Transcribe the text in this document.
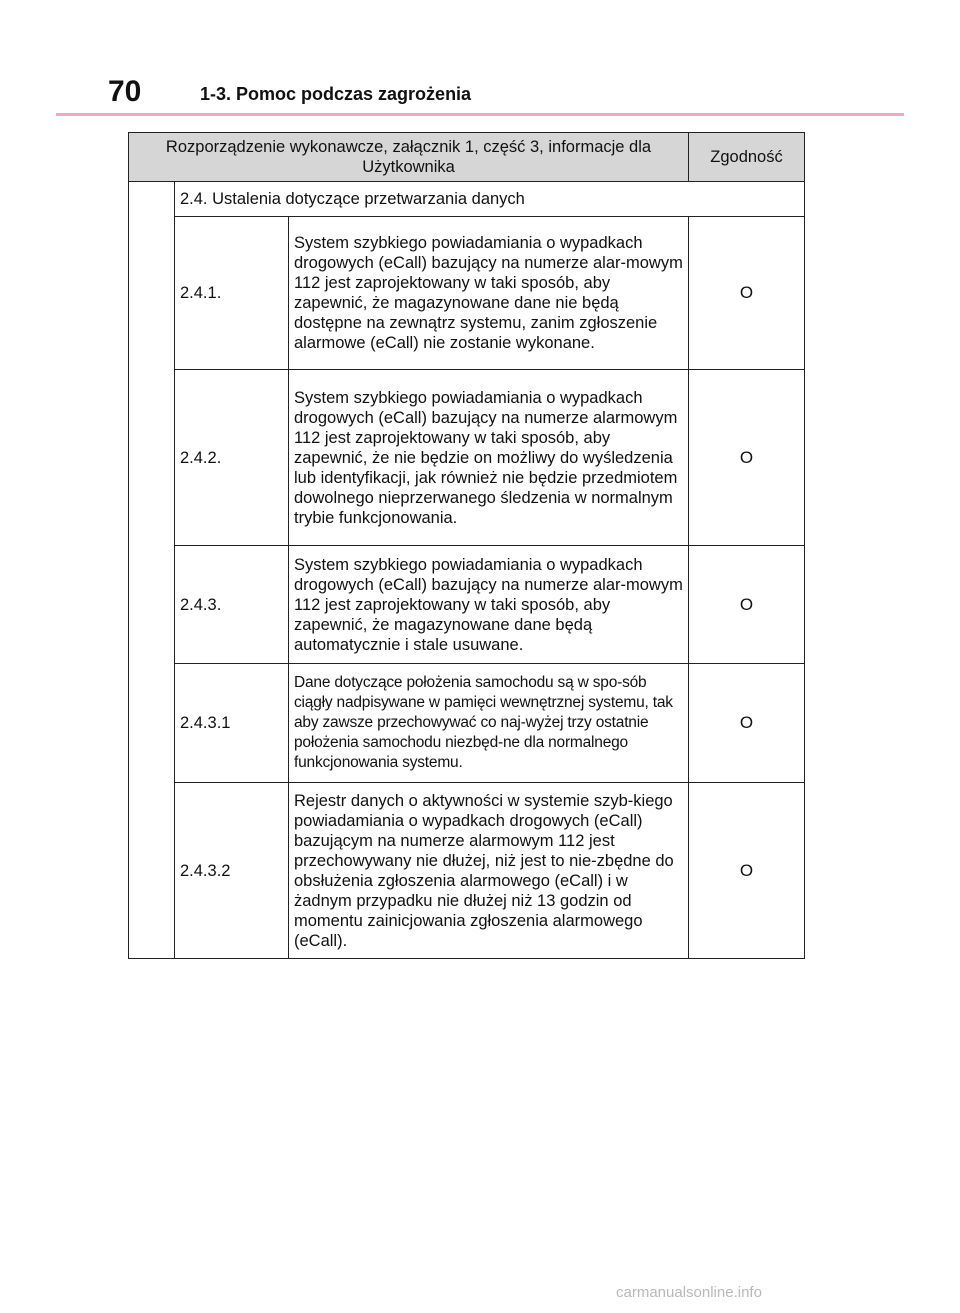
70	1-3. Pomoc podczas zagrożenia
Rozporządzenie wykonawcze, załącznik 1, część 3, informacje dla Użytkownika			Zgodność
	2.4. Ustalenia dotyczące przetwarzania danych		
	2.4.1.	System szybkiego powiadamiania o wypadkach drogowych (eCall) bazujący na numerze alar-mowym 112 jest zaprojektowany w taki sposób, aby zapewnić, że magazynowane dane nie będą dostępne na zewnątrz systemu, zanim zgłoszenie alarmowe (eCall) nie zostanie wykonane.	O
	2.4.2.	System szybkiego powiadamiania o wypadkach drogowych (eCall) bazujący na numerze alarmowym 112 jest zaprojektowany w taki sposób, aby zapewnić, że nie będzie on możliwy do wyśledzenia lub identyfikacji, jak również nie będzie przedmiotem dowolnego nieprzerwanego śledzenia w normalnym trybie funkcjonowania.	O
	2.4.3.	System szybkiego powiadamiania o wypadkach drogowych (eCall) bazujący na numerze alar-mowym 112 jest zaprojektowany w taki sposób, aby zapewnić, że magazynowane dane będą automatycznie i stale usuwane.	O
	2.4.3.1	Dane dotyczące położenia samochodu są w spo-sób ciągły nadpisywane w pamięci wewnętrznej systemu, tak aby zawsze przechowywać co naj-wyżej trzy ostatnie położenia samochodu niezbęd-ne dla normalnego funkcjonowania systemu.	O
	2.4.3.2	Rejestr danych o aktywności w systemie szyb-kiego powiadamiania o wypadkach drogowych (eCall) bazującym na numerze alarmowym 112 jest przechowywany nie dłużej, niż jest to nie-zbędne do obsłużenia zgłoszenia alarmowego (eCall) i w żadnym przypadku nie dłużej niż 13 godzin od momentu zainicjowania zgłoszenia alarmowego (eCall).	O
carmanualsonline.info
